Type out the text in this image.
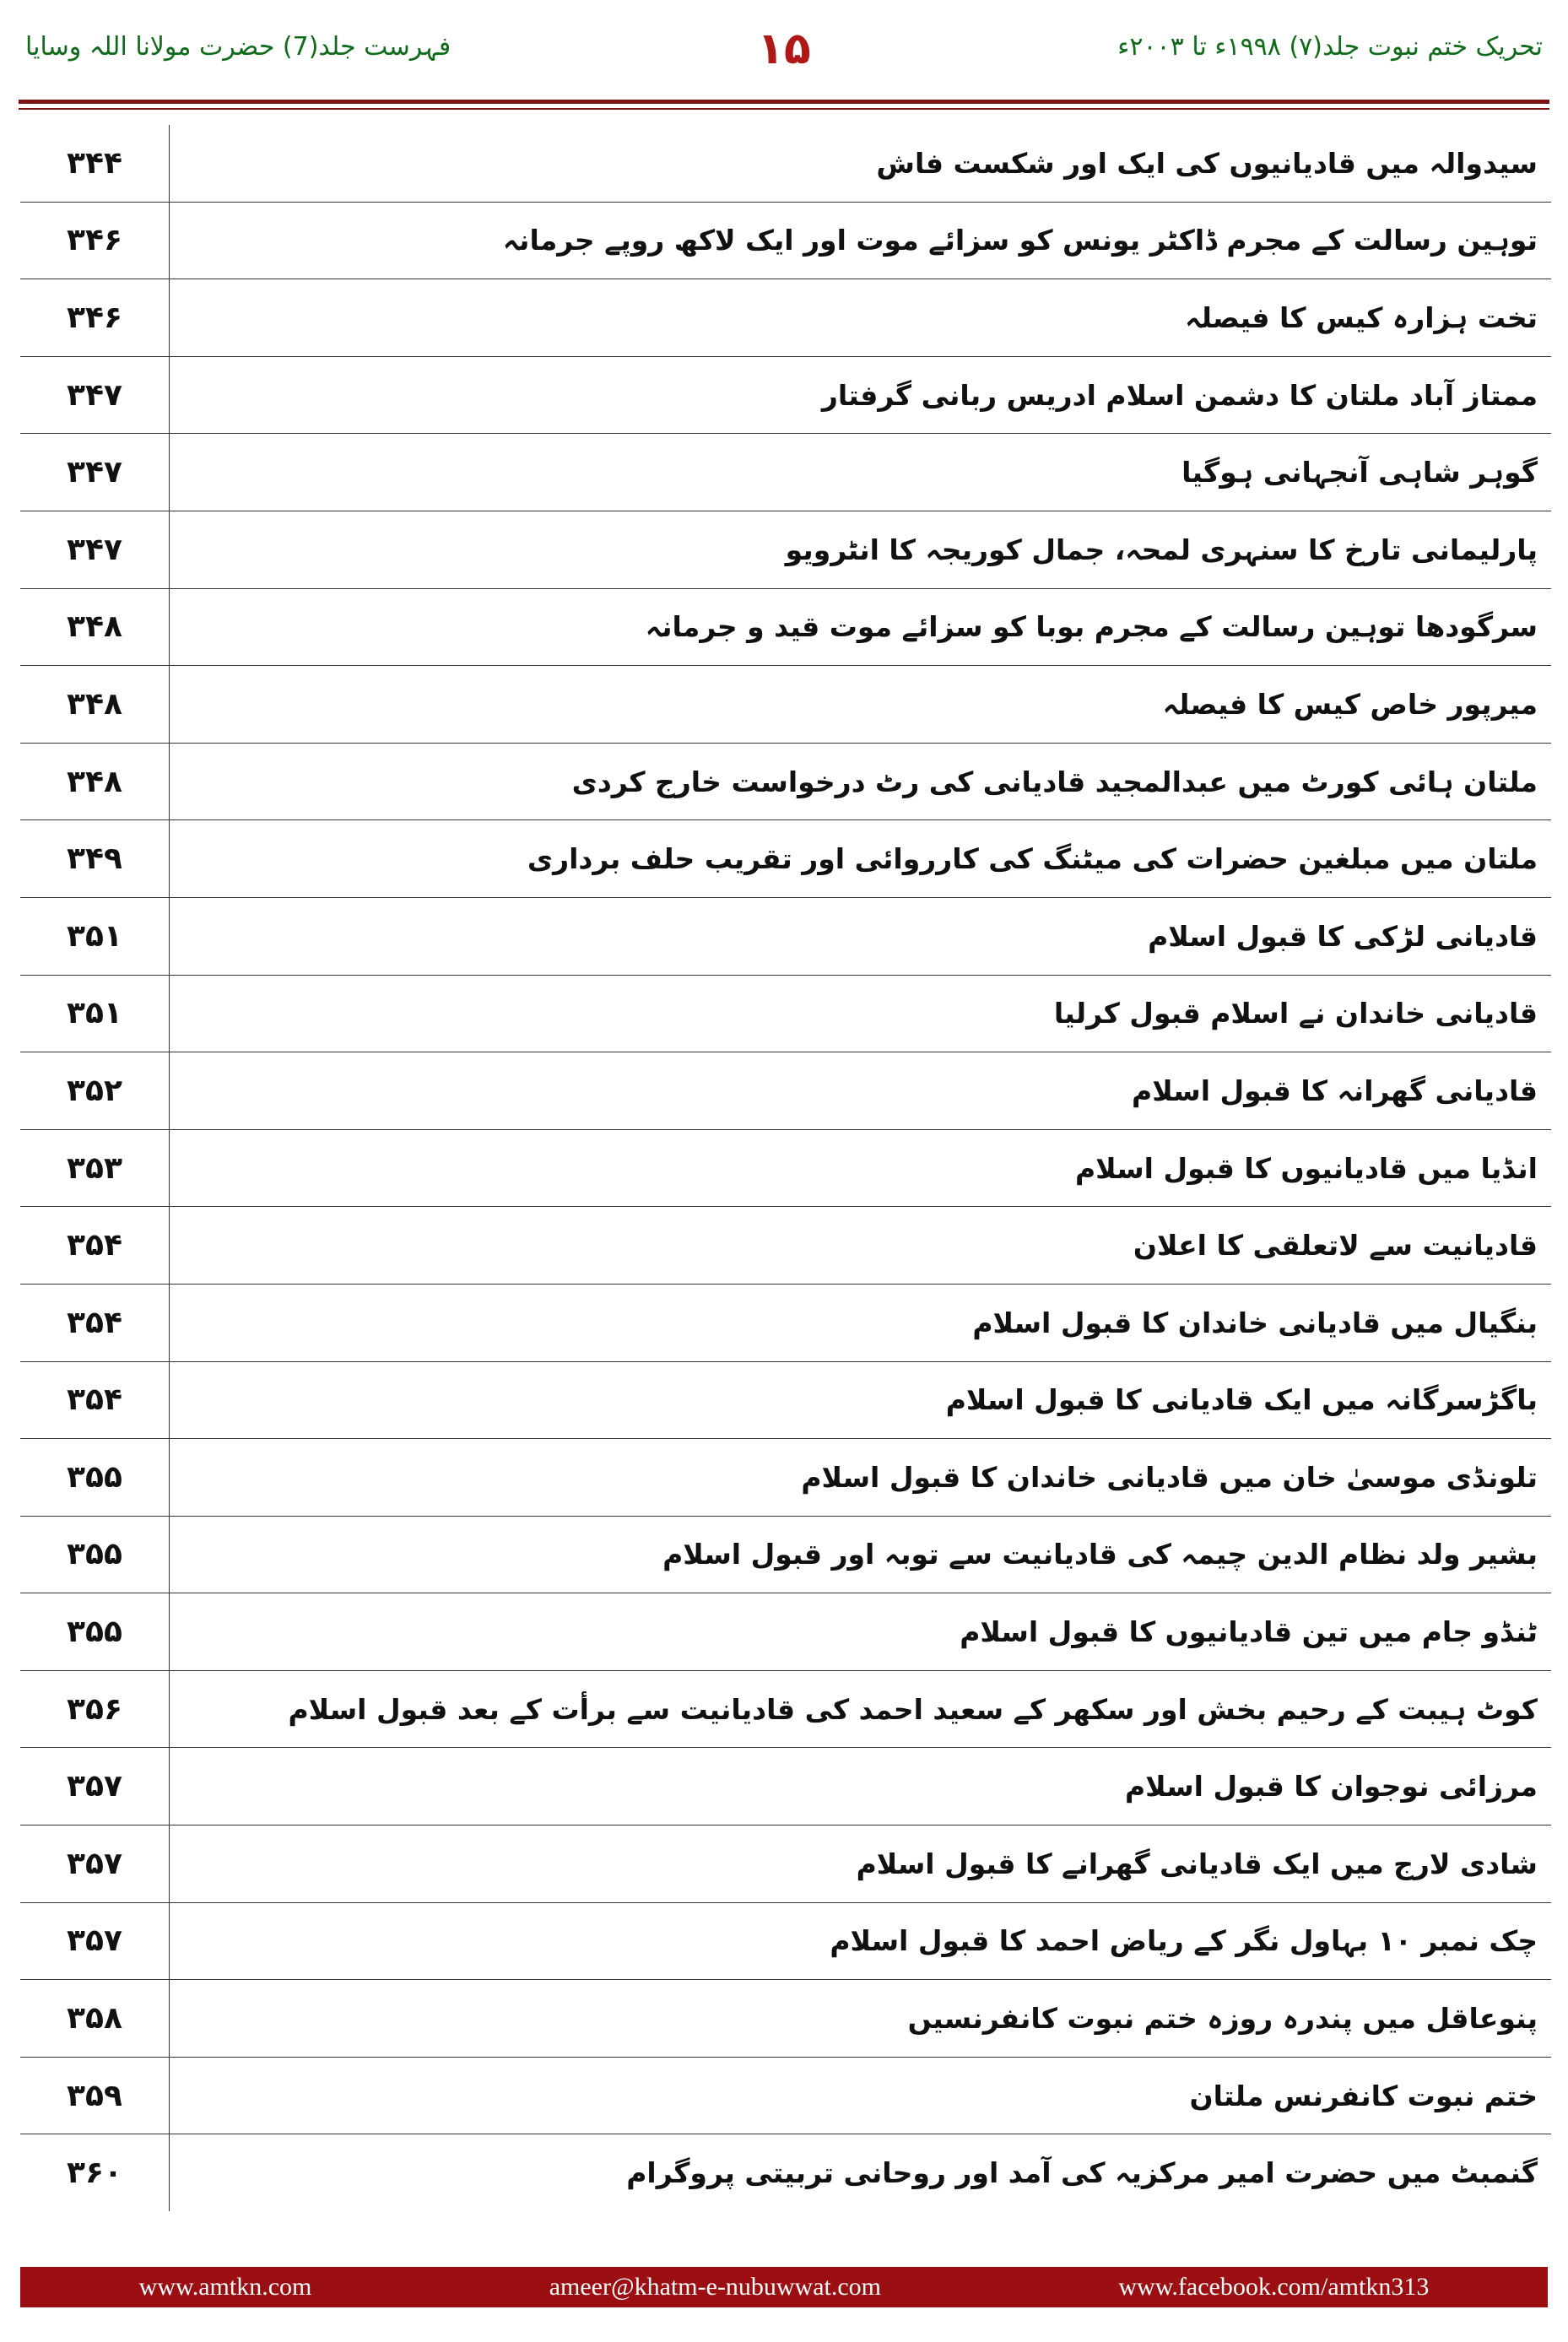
فہرست جلد(7) حضرت مولانا اللہ وسایا	۱۵	تحریک ختم نبوت جلد(۷) ۱۹۹۸ء تا ۲۰۰۳ء
۳۴۴	سیدوالہ میں قادیانیوں کی ایک اور شکست فاش
۳۴۶	توہین رسالت کے مجرم ڈاکٹر یونس کو سزائے موت اور ایک لاکھ روپے جرمانہ
۳۴۶	تخت ہزارہ کیس کا فیصلہ
۳۴۷	ممتاز آباد ملتان کا دشمن اسلام ادریس ربانی گرفتار
۳۴۷	گوہر شاہی آنجہانی ہوگیا
۳۴۷	پارلیمانی تارخ کا سنہری لمحہ، جمال کوریجہ کا انٹرویو
۳۴۸	سرگودھا توہین رسالت کے مجرم بوبا کو سزائے موت قید و جرمانہ
۳۴۸	میرپور خاص کیس کا فیصلہ
۳۴۸	ملتان ہائی کورٹ میں عبدالمجید قادیانی کی رٹ درخواست خارج کردی
۳۴۹	ملتان میں مبلغین حضرات کی میٹنگ کی کارروائی اور تقریب حلف برداری
۳۵۱	قادیانی لڑکی کا قبول اسلام
۳۵۱	قادیانی خاندان نے اسلام قبول کرلیا
۳۵۲	قادیانی گھرانہ کا قبول اسلام
۳۵۳	انڈیا میں قادیانیوں کا قبول اسلام
۳۵۴	قادیانیت سے لاتعلقی کا اعلان
۳۵۴	بنگیال میں قادیانی خاندان کا قبول اسلام
۳۵۴	باگڑسرگانہ میں ایک قادیانی کا قبول اسلام
۳۵۵	تلونڈی موسیٰ خان میں قادیانی خاندان کا قبول اسلام
۳۵۵	بشیر ولد نظام الدین چیمہ کی قادیانیت سے توبہ اور قبول اسلام
۳۵۵	ٹنڈو جام میں تین قادیانیوں کا قبول اسلام
۳۵۶	کوٹ ہیبت کے رحیم بخش اور سکھر کے سعید احمد کی قادیانیت سے برأت کے بعد قبول اسلام
۳۵۷	مرزائی نوجوان کا قبول اسلام
۳۵۷	شادی لارج میں ایک قادیانی گھرانے کا قبول اسلام
۳۵۷	چک نمبر ۱۰ بہاول نگر کے ریاض احمد کا قبول اسلام
۳۵۸	پنوعاقل میں پندرہ روزہ ختم نبوت کانفرنسیں
۳۵۹	ختم نبوت کانفرنس ملتان
۳۶۰	گنمبٹ میں حضرت امیر مرکزیہ کی آمد اور روحانی تربیتی پروگرام
www.amtkn.com	ameer@khatm-e-nubuwwat.com	www.facebook.com/amtkn313
